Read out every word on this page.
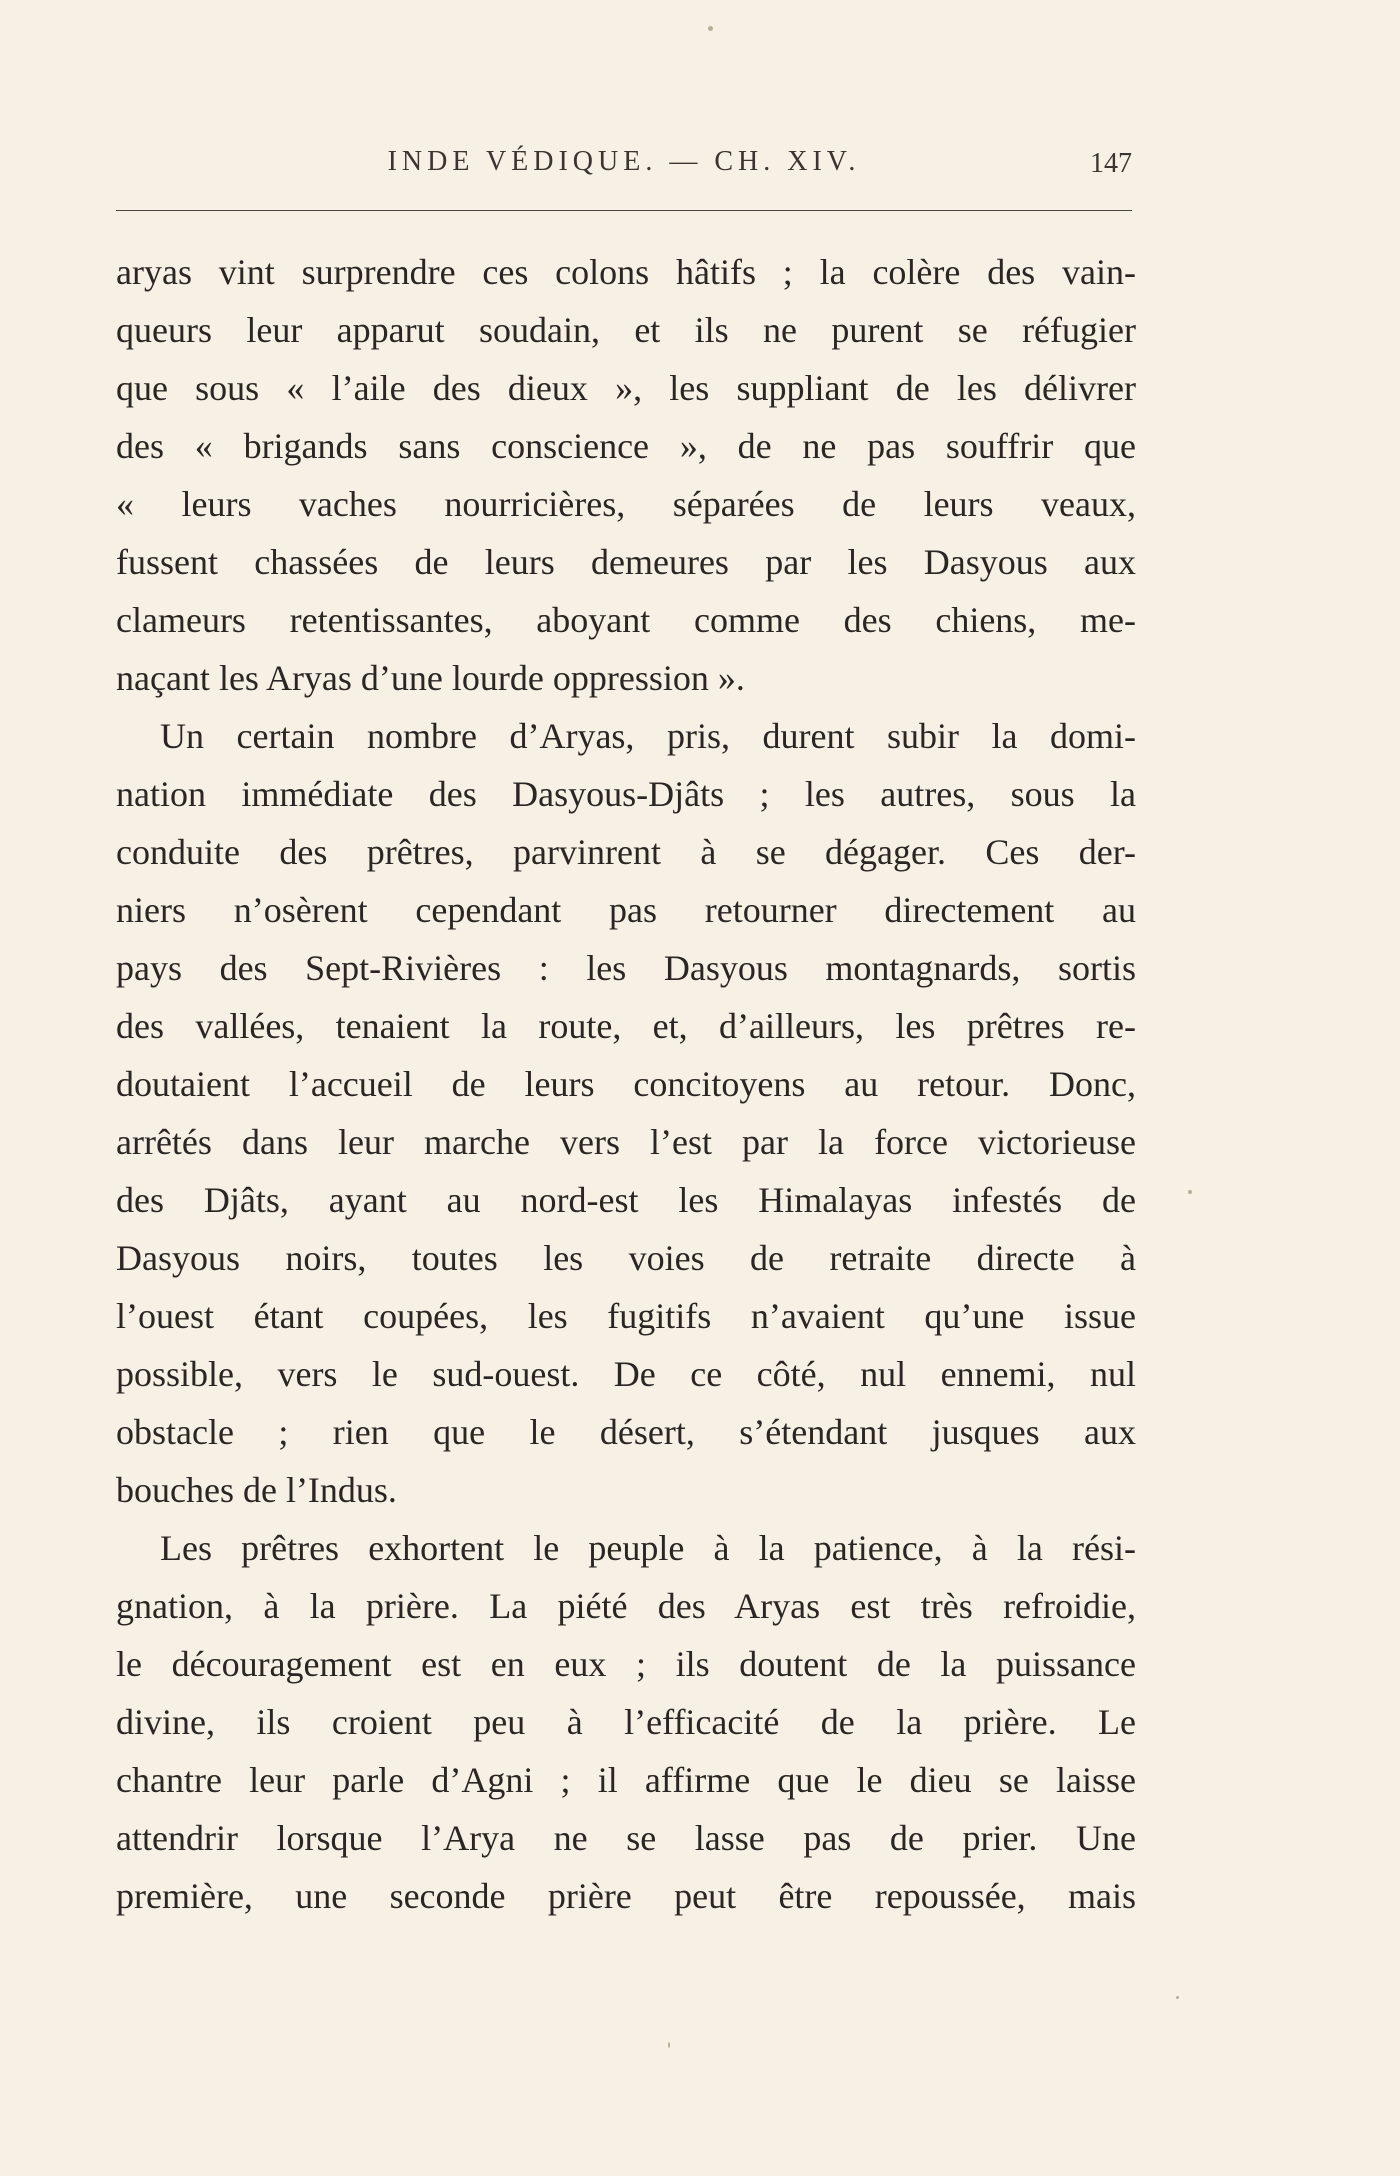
INDE VÉDIQUE. — CH. XIV.	147
aryas vint surprendre ces colons hâtifs ; la colère des vain-
queurs leur apparut soudain, et ils ne purent se réfugier
que sous « l’aile des dieux », les suppliant de les délivrer
des « brigands sans conscience », de ne pas souffrir que
« leurs vaches nourricières, séparées de leurs veaux,
fussent chassées de leurs demeures par les Dasyous aux
clameurs retentissantes, aboyant comme des chiens, me-
naçant les Aryas d’une lourde oppression ».
Un certain nombre d’Aryas, pris, durent subir la domi-
nation immédiate des Dasyous-Djâts ; les autres, sous la
conduite des prêtres, parvinrent à se dégager. Ces der-
niers n’osèrent cependant pas retourner directement au
pays des Sept-Rivières : les Dasyous montagnards, sortis
des vallées, tenaient la route, et, d’ailleurs, les prêtres re-
doutaient l’accueil de leurs concitoyens au retour. Donc,
arrêtés dans leur marche vers l’est par la force victorieuse
des Djâts, ayant au nord-est les Himalayas infestés de
Dasyous noirs, toutes les voies de retraite directe à
l’ouest étant coupées, les fugitifs n’avaient qu’une issue
possible, vers le sud-ouest. De ce côté, nul ennemi, nul
obstacle ; rien que le désert, s’étendant jusques aux
bouches de l’Indus.
Les prêtres exhortent le peuple à la patience, à la rési-
gnation, à la prière. La piété des Aryas est très refroidie,
le découragement est en eux ; ils doutent de la puissance
divine, ils croient peu à l’efficacité de la prière. Le
chantre leur parle d’Agni ; il affirme que le dieu se laisse
attendrir lorsque l’Arya ne se lasse pas de prier. Une
première, une seconde prière peut être repoussée, mais
